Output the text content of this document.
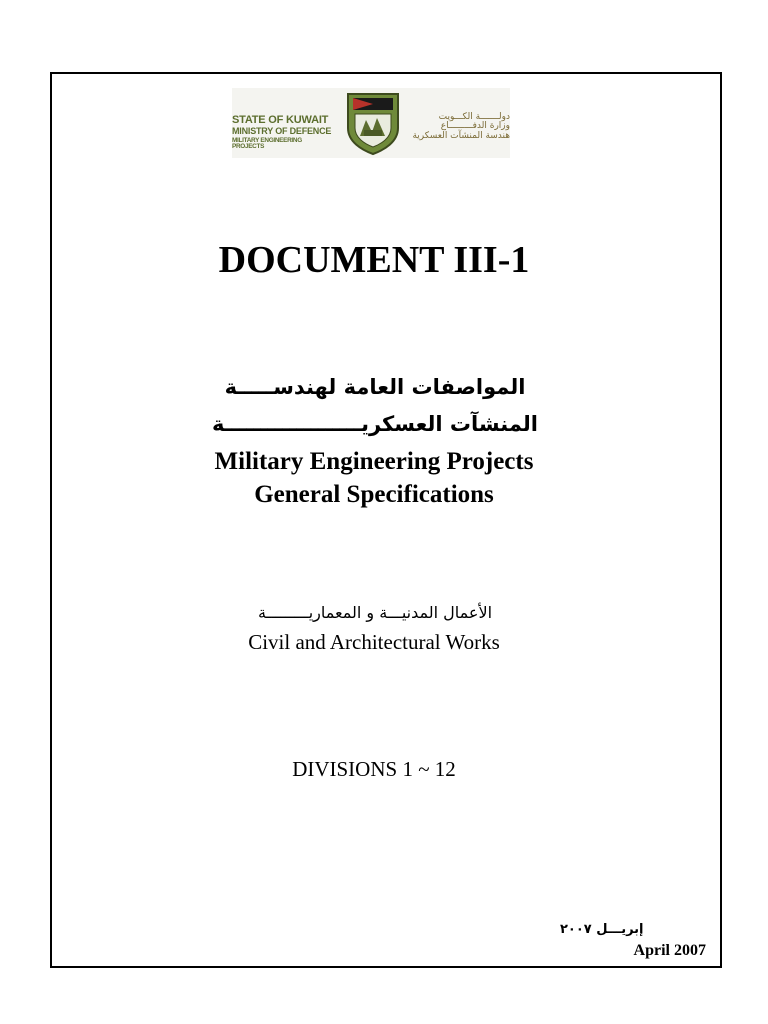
STATE OF KUWAIT
MINISTRY OF DEFENCE
MILITARY ENGINEERING PROJECTS
دولـــــــة الكـــويت
وزارة الدفـــــــــاع
هندسة المنشآت العسكرية
DOCUMENT III-1
المواصفات العامة لهندســـــة
المنشآت العسكريـــــــــــــــــــة
Military Engineering Projects
General Specifications
الأعمال المدنيـــة و المعماريـــــــــة
Civil and Architectural Works
DIVISIONS 1 ~ 12
إبريـــل ٢٠٠٧
April 2007
